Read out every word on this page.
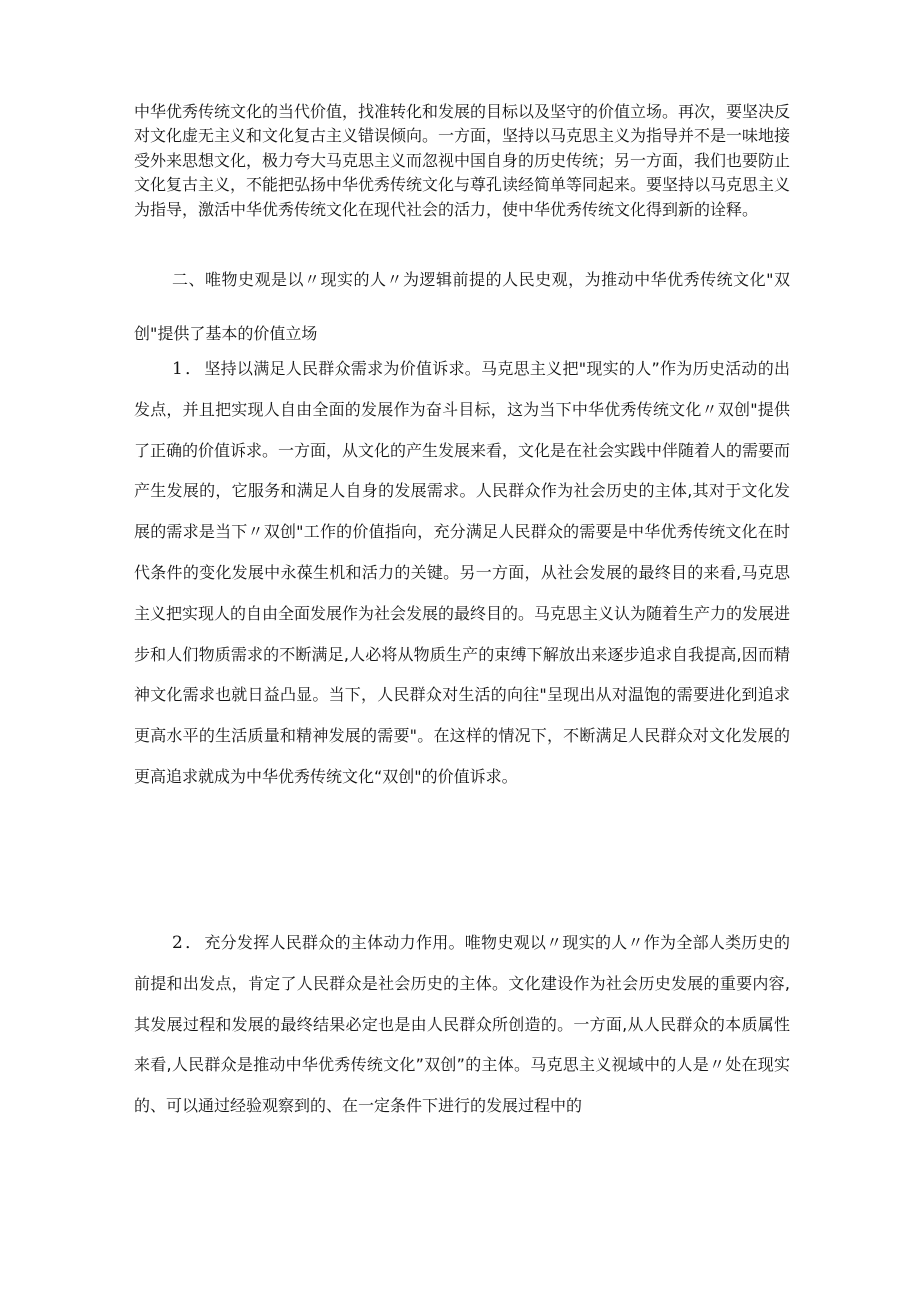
中华优秀传统文化的当代价值，找准转化和发展的目标以及坚守的价值立场。再次，要坚决反对文化虚无主义和文化复古主义错误倾向。一方面，坚持以马克思主义为指导并不是一味地接受外来思想文化，极力夸大马克思主义而忽视中国自身的历史传统；另一方面，我们也要防止文化复古主义，不能把弘扬中华优秀传统文化与尊孔读经简单等同起来。要坚持以马克思主义为指导，激活中华优秀传统文化在现代社会的活力，使中华优秀传统文化得到新的诠释。

二、唯物史观是以〃现实的人〃为逻辑前提的人民史观，为推动中华优秀传统文化"双创"提供了基本的价值立场

1．坚持以满足人民群众需求为价值诉求。马克思主义把"现实的人”作为历史活动的出发点，并且把实现人自由全面的发展作为奋斗目标，这为当下中华优秀传统文化〃双创"提供了正确的价值诉求。一方面，从文化的产生发展来看，文化是在社会实践中伴随着人的需要而产生发展的，它服务和满足人自身的发展需求。人民群众作为社会历史的主体,其对于文化发展的需求是当下〃双创"工作的价值指向，充分满足人民群众的需要是中华优秀传统文化在时代条件的变化发展中永葆生机和活力的关键。另一方面，从社会发展的最终目的来看,马克思主义把实现人的自由全面发展作为社会发展的最终目的。马克思主义认为随着生产力的发展进步和人们物质需求的不断满足,人必将从物质生产的束缚下解放出来逐步追求自我提高,因而精神文化需求也就日益凸显。当下，人民群众对生活的向往"呈现出从对温饱的需要进化到追求更高水平的生活质量和精神发展的需要"。在这样的情况下，不断满足人民群众对文化发展的更高追求就成为中华优秀传统文化“双创"的价值诉求。

2．充分发挥人民群众的主体动力作用。唯物史观以〃现实的人〃作为全部人类历史的前提和出发点，肯定了人民群众是社会历史的主体。文化建设作为社会历史发展的重要内容,其发展过程和发展的最终结果必定也是由人民群众所创造的。一方面,从人民群众的本质属性来看,人民群众是推动中华优秀传统文化”双创”的主体。马克思主义视域中的人是〃处在现实的、可以通过经验观察到的、在一定条件下进行的发展过程中的
